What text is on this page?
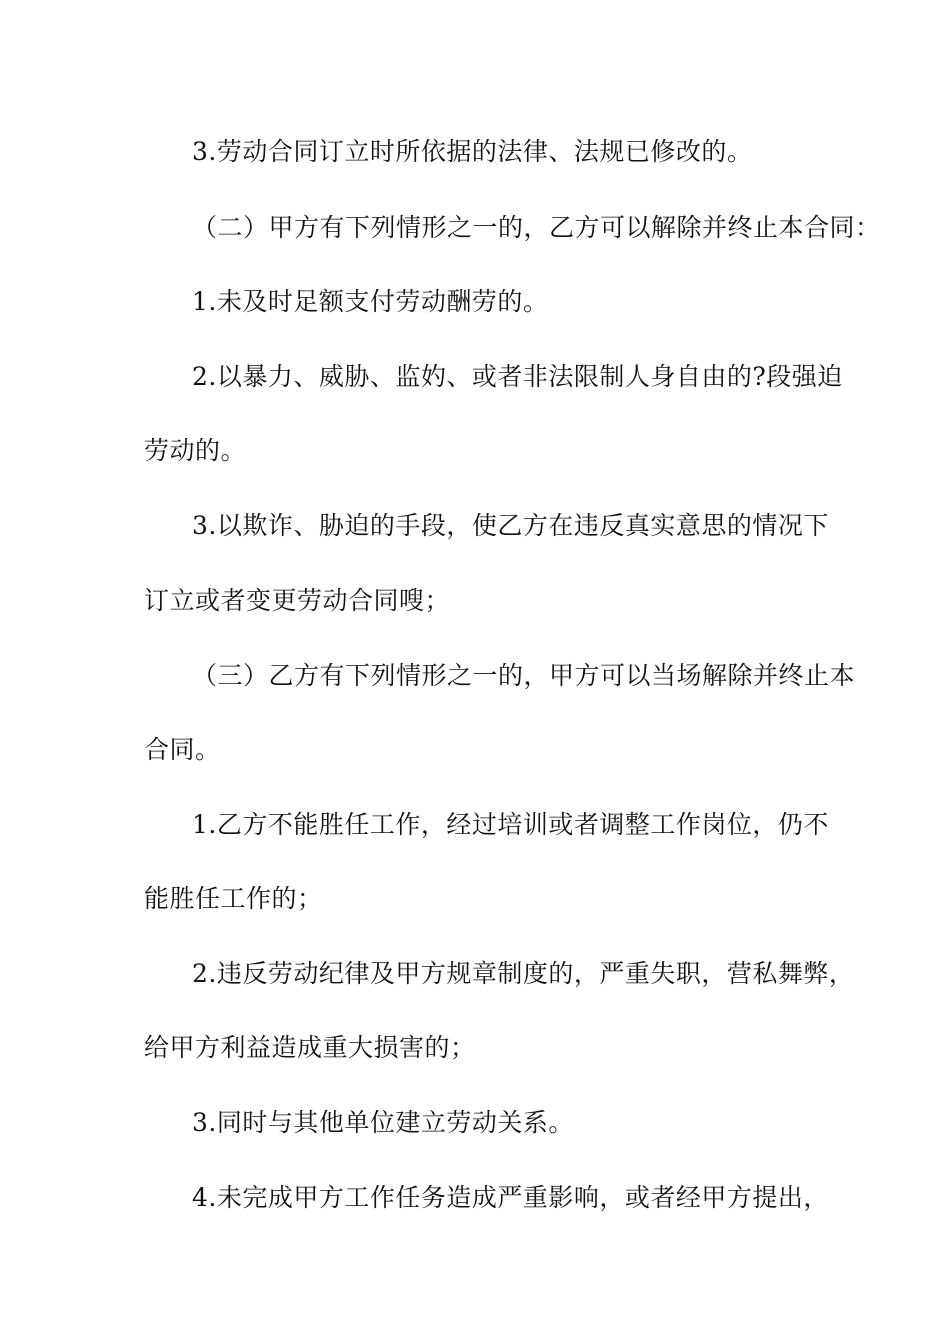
3.劳动合同订立时所依据的法律、法规已修改的。
（二）甲方有下列情形之一的，乙方可以解除并终止本合同：
1.未及时足额支付劳动酬劳的。
2.以暴力、威胁、监妁、或者非法限制人身自由的?段强迫
劳动的。
3.以欺诈、胁迫的手段，使乙方在违反真实意思的情况下
订立或者变更劳动合同嗖；
（三）乙方有下列情形之一的，甲方可以当场解除并终止本
合同。
1.乙方不能胜任工作，经过培训或者调整工作岗位，仍不
能胜任工作的；
2.违反劳动纪律及甲方规章制度的，严重失职，营私舞弊，
给甲方利益造成重大损害的；
3.同时与其他单位建立劳动关系。
4.未完成甲方工作任务造成严重影响，或者经甲方提出，
